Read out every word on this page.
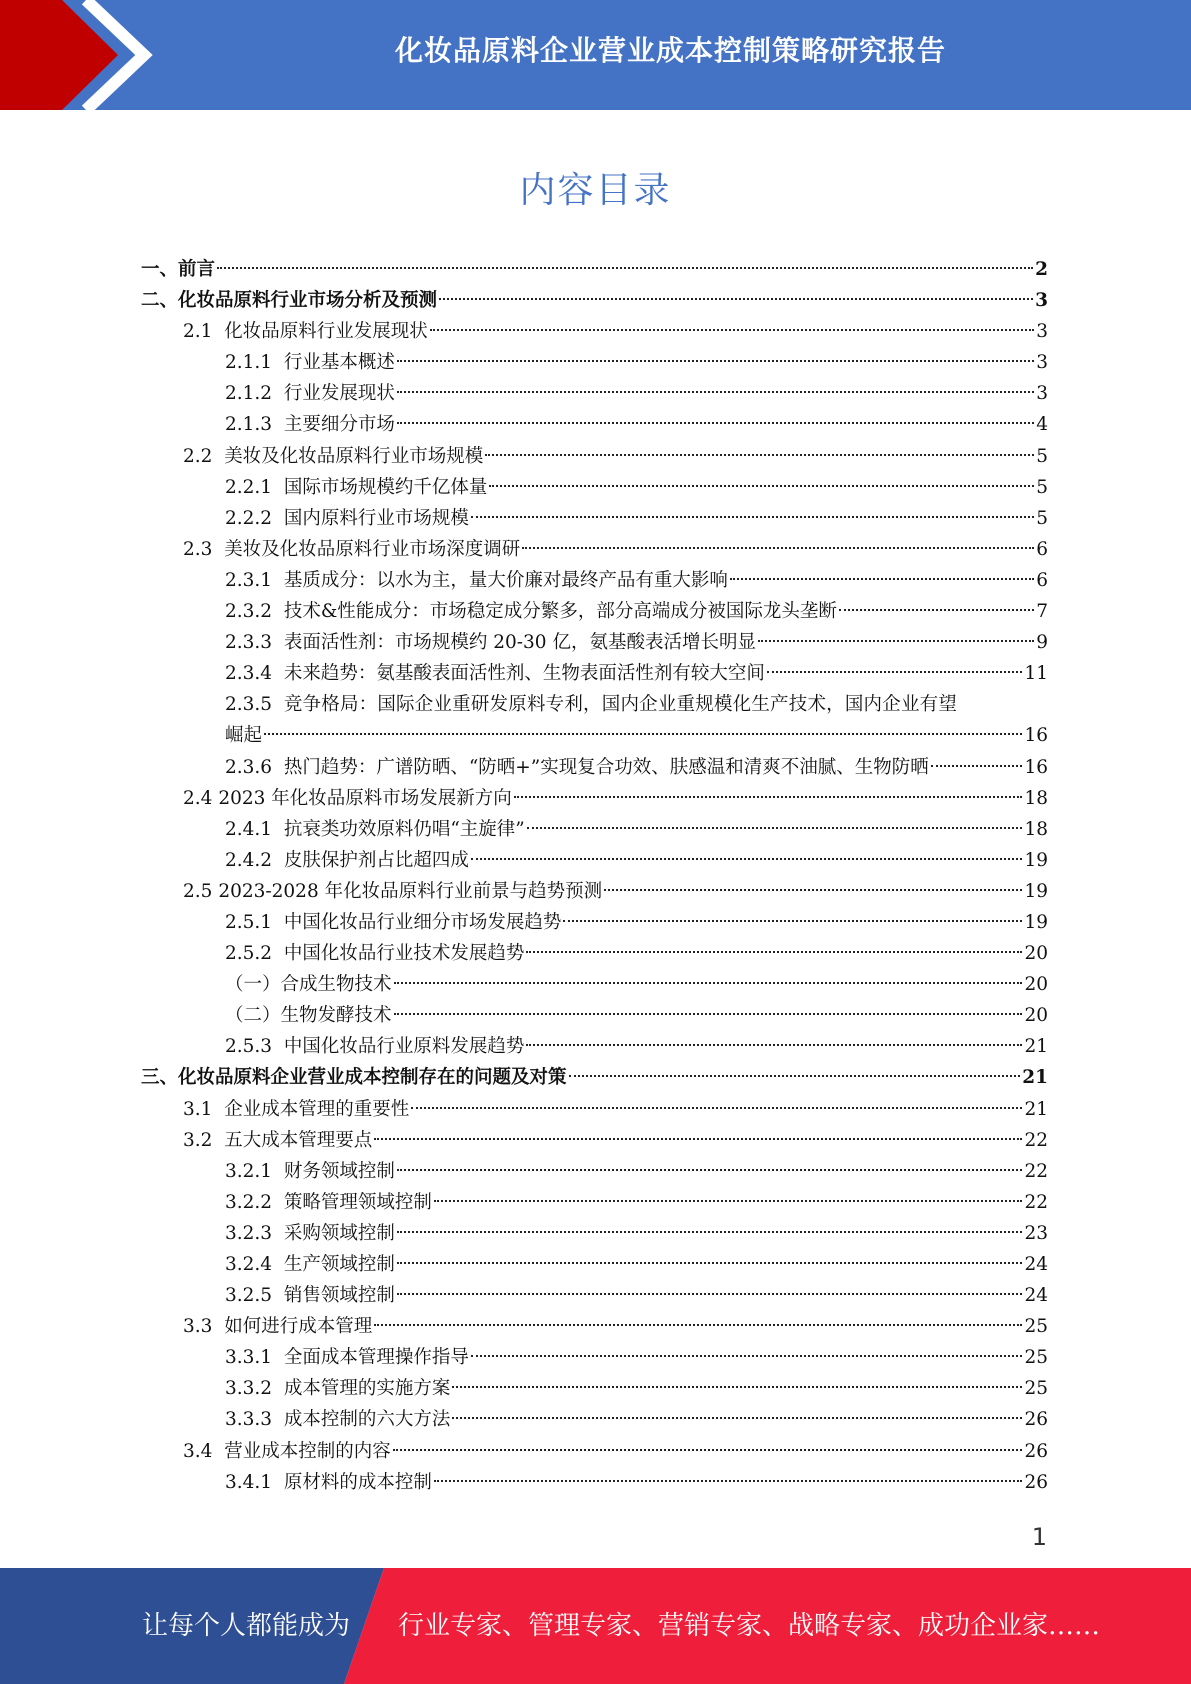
化妆品原料企业营业成本控制策略研究报告
内容目录
一、 前言	2
二、 化妆品原料行业市场分析及预测	3
2.1 化妆品原料行业发展现状	3
2.1.1 行业基本概述	3
2.1.2 行业发展现状	3
2.1.3 主要细分市场	4
2.2 美妆及化妆品原料行业市场规模	5
2.2.1 国际市场规模约千亿体量	5
2.2.2 国内原料行业市场规模	5
2.3 美妆及化妆品原料行业市场深度调研	6
2.3.1 基质成分：以水为主，量大价廉对最终产品有重大影响	6
2.3.2 技术&性能成分：市场稳定成分繁多，部分高端成分被国际龙头垄断	7
2.3.3 表面活性剂：市场规模约 20-30 亿，氨基酸表活增长明显	9
2.3.4 未来趋势：氨基酸表面活性剂、生物表面活性剂有较大空间	11
2.3.5 竞争格局：国际企业重研发原料专利，国内企业重规模化生产技术，国内企业有望
崛起	16
2.3.6 热门趋势：广谱防晒、“防晒+”实现复合功效、肤感温和清爽不油腻、生物防晒	16
2.4 2023 年化妆品原料市场发展新方向	18
2.4.1 抗衰类功效原料仍唱“主旋律”	18
2.4.2 皮肤保护剂占比超四成	19
2.5 2023-2028 年化妆品原料行业前景与趋势预测	19
2.5.1 中国化妆品行业细分市场发展趋势	19
2.5.2 中国化妆品行业技术发展趋势	20
（一） 合成生物技术	20
（二） 生物发酵技术	20
2.5.3 中国化妆品行业原料发展趋势	21
三、 化妆品原料企业营业成本控制存在的问题及对策	21
3.1 企业成本管理的重要性	21
3.2 五大成本管理要点	22
3.2.1 财务领域控制	22
3.2.2 策略管理领域控制	22
3.2.3 采购领域控制	23
3.2.4 生产领域控制	24
3.2.5 销售领域控制	24
3.3 如何进行成本管理	25
3.3.1 全面成本管理操作指导	25
3.3.2 成本管理的实施方案	25
3.3.3 成本控制的六大方法	26
3.4 营业成本控制的内容	26
3.4.1 原材料的成本控制	26
1
让每个人都能成为 行业专家、管理专家、营销专家、战略专家、成功企业家……
